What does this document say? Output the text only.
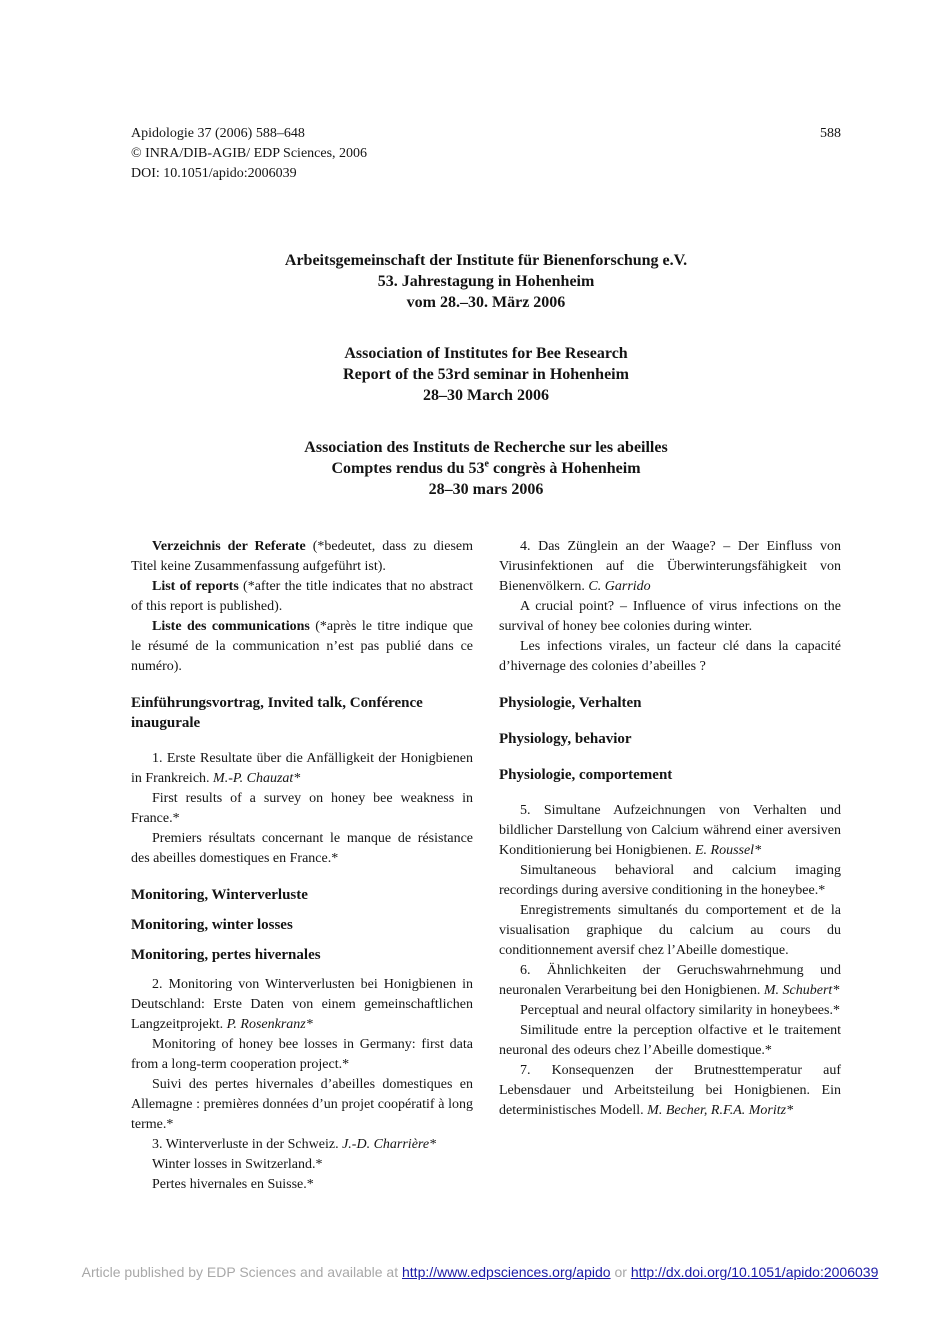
Apidologie 37 (2006) 588–648
© INRA/DIB-AGIB/ EDP Sciences, 2006
DOI: 10.1051/apido:2006039
588
Arbeitsgemeinschaft der Institute für Bienenforschung e.V.
53. Jahrestagung in Hohenheim
vom 28.–30. März 2006
Association of Institutes for Bee Research
Report of the 53rd seminar in Hohenheim
28–30 March 2006
Association des Instituts de Recherche sur les abeilles
Comptes rendus du 53e congrès à Hohenheim
28–30 mars 2006

Verzeichnis der Referate (*bedeutet, dass zu diesem Titel keine Zusammenfassung aufgeführt ist).

List of reports (*after the title indicates that no abstract of this report is published).

Liste des communications (*après le titre indique que le résumé de la communication n’est pas publié dans ce numéro).

Einführungsvortrag, Invited talk, Conférence inaugurale

1. Erste Resultate über die Anfälligkeit der Honigbienen in Frankreich. M.-P. Chauzat*

First results of a survey on honey bee weakness in France.*

Premiers résultats concernant le manque de résistance des abeilles domestiques en France.*

Monitoring, Winterverluste
Monitoring, winter losses
Monitoring, pertes hivernales

2. Monitoring von Winterverlusten bei Honigbienen in Deutschland: Erste Daten von einem gemeinschaftlichen Langzeitprojekt. P. Rosenkranz*

Monitoring of honey bee losses in Germany: first data from a long-term cooperation project.*

Suivi des pertes hivernales d’abeilles domestiques en Allemagne : premières données d’un projet coopératif à long terme.*

3. Winterverluste in der Schweiz. J.-D. Charrière*

Winter losses in Switzerland.*

Pertes hivernales en Suisse.*

4. Das Zünglein an der Waage? – Der Einfluss von Virusinfektionen auf die Überwinterungsfähigkeit von Bienenvölkern. C. Garrido

A crucial point? – Influence of virus infections on the survival of honey bee colonies during winter.

Les infections virales, un facteur clé dans la capacité d’hivernage des colonies d’abeilles ?

Physiologie, Verhalten
Physiology, behavior
Physiologie, comportement

5. Simultane Aufzeichnungen von Verhalten und bildlicher Darstellung von Calcium während einer aversiven Konditionierung bei Honigbienen. E. Roussel*

Simultaneous behavioral and calcium imaging recordings during aversive conditioning in the honeybee.*

Enregistrements simultanés du comportement et de la visualisation graphique du calcium au cours du conditionnement aversif chez l’Abeille domestique.

6. Ähnlichkeiten der Geruchswahrnehmung und neuronalen Verarbeitung bei den Honigbienen. M. Schubert*

Perceptual and neural olfactory similarity in honeybees.*

Similitude entre la perception olfactive et le traitement neuronal des odeurs chez l’Abeille domestique.*

7. Konsequenzen der Brutnesttemperatur auf Lebensdauer und Arbeitsteilung bei Honigbienen. Ein deterministisches Modell. M. Becher, R.F.A. Moritz*

Article published by EDP Sciences and available at http://www.edpsciences.org/apido or http://dx.doi.org/10.1051/apido:2006039
